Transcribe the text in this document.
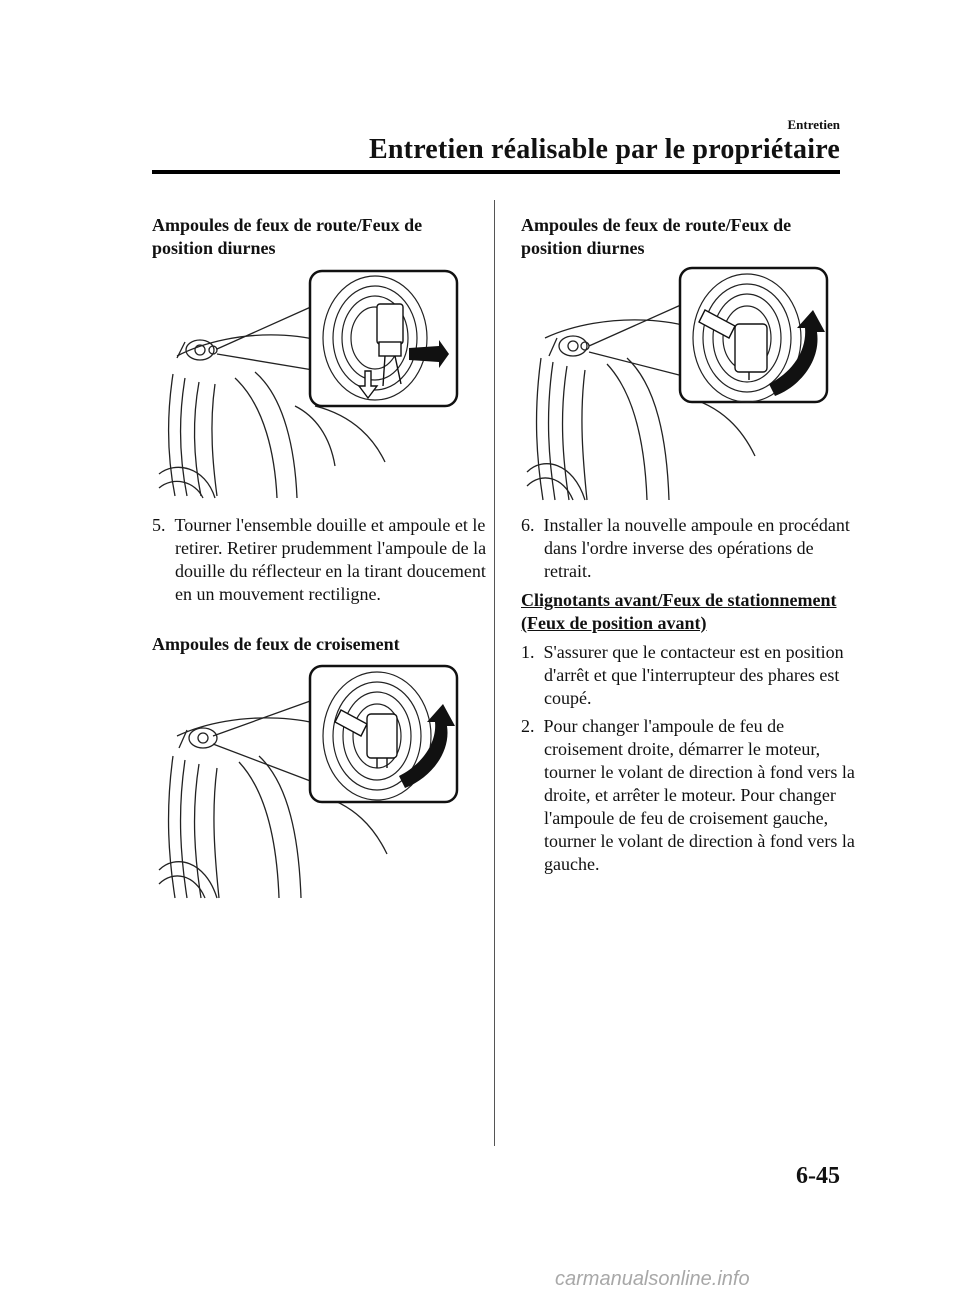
Entretien
Entretien réalisable par le propriétaire
Ampoules de feux de route/Feux de position diurnes
5. Tourner l'ensemble douille et ampoule et le retirer. Retirer prudemment l'ampoule de la douille du réflecteur en la tirant doucement en un mouvement rectiligne.
Ampoules de feux de croisement
Ampoules de feux de route/Feux de position diurnes
6. Installer la nouvelle ampoule en procédant dans l'ordre inverse des opérations de retrait.
Clignotants avant/Feux de stationnement (Feux de position avant)
1. S'assurer que le contacteur est en position d'arrêt et que l'interrupteur des phares est coupé.
2. Pour changer l'ampoule de feu de croisement droite, démarrer le moteur, tourner le volant de direction à fond vers la droite, et arrêter le moteur. Pour changer l'ampoule de feu de croisement gauche, tourner le volant de direction à fond vers la gauche.
6-45
carmanualsonline.info
